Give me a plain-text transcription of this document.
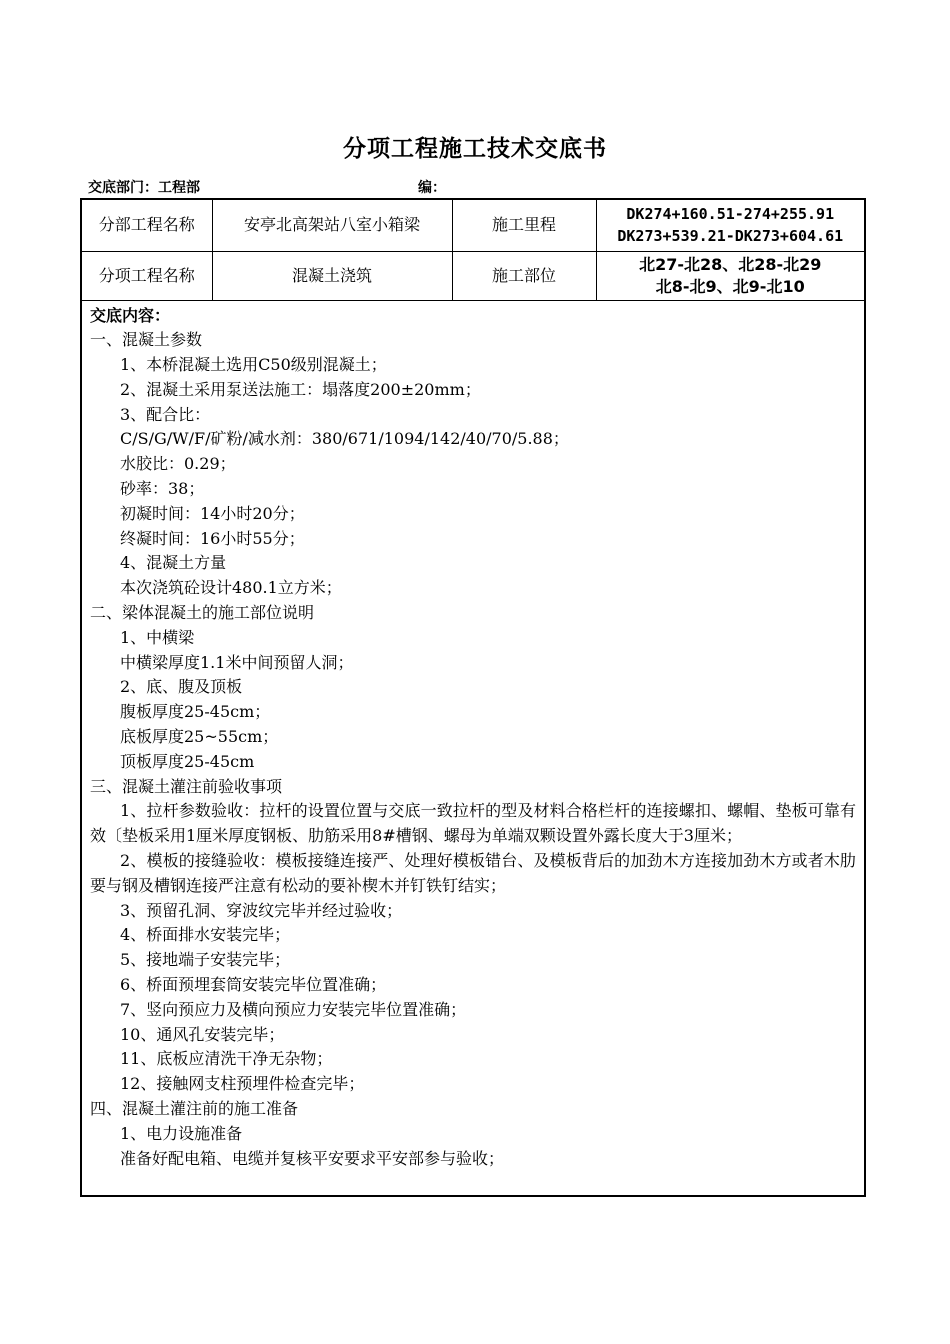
分项工程施工技术交底书
交底部门：工程部	编：
分部工程名称	安亭北高架站八室小箱梁	施工里程	DK274+160.51-274+255.91
DK273+539.21-DK273+604.61

分项工程名称	混凝土浇筑	施工部位	北27-北28、北28-北29
北8-北9、北9-北10
交底内容：
一、混凝土参数
1、本桥混凝土选用C50级别混凝土；
2、混凝土采用泵送法施工：塌落度200±20mm；
3、配合比：
C/S/G/W/F/矿粉/减水剂：380/671/1094/142/40/70/5.88；
水胶比：0.29；
砂率：38；
初凝时间：14小时20分；
终凝时间：16小时55分；
4、混凝土方量
本次浇筑砼设计480.1立方米；
二、梁体混凝土的施工部位说明
1、中横梁
中横梁厚度1.1米中间预留人洞；
2、底、腹及顶板
腹板厚度25-45cm；
底板厚度25~55cm；
顶板厚度25-45cm
三、混凝土灌注前验收事项
1、拉杆参数验收：拉杆的设置位置与交底一致拉杆的型及材料合格栏杆的连接螺扣、螺帽、垫板可靠有效〔垫板采用1厘米厚度钢板、肋筋采用8#槽钢、螺母为单端双颗设置外露长度大于3厘米；
2、模板的接缝验收：模板接缝连接严、处理好模板错台、及模板背后的加劲木方连接加劲木方或者木肋要与钢及槽钢连接严注意有松动的要补楔木并钉铁钉结实；
3、预留孔洞、穿波纹完毕并经过验收；
4、桥面排水安装完毕；
5、接地端子安装完毕；
6、桥面预埋套筒安装完毕位置准确；
7、竖向预应力及横向预应力安装完毕位置准确；
10、通风孔安装完毕；
11、底板应清洗干净无杂物；
12、接触网支柱预埋件检查完毕；
四、混凝土灌注前的施工准备
1、电力设施准备
准备好配电箱、电缆并复核平安要求平安部参与验收；
